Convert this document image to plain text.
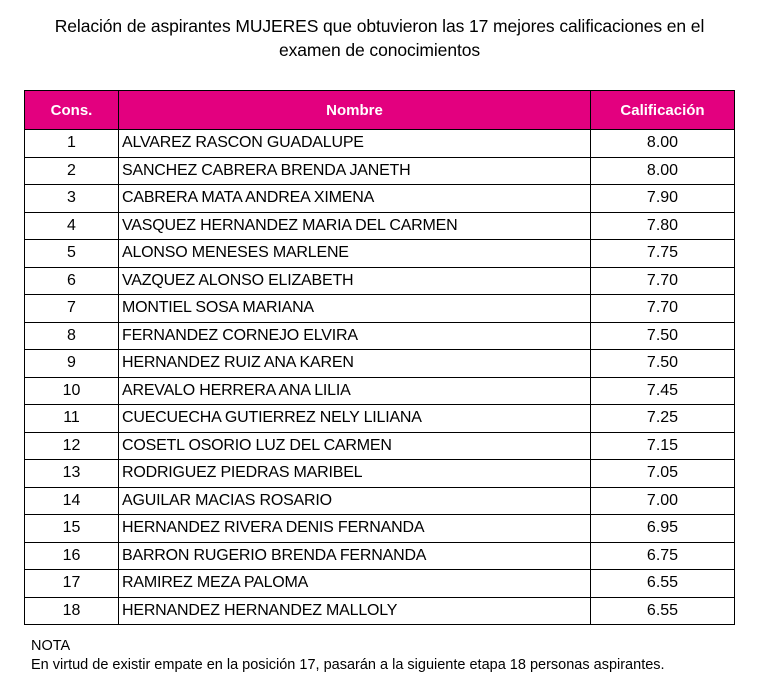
Relación de aspirantes MUJERES que obtuvieron las 17 mejores calificaciones en el
examen de conocimientos
Cons.	Nombre	Calificación
1	ALVAREZ RASCON GUADALUPE	8.00
2	SANCHEZ CABRERA BRENDA JANETH	8.00
3	CABRERA MATA ANDREA XIMENA	7.90
4	VASQUEZ HERNANDEZ MARIA DEL CARMEN	7.80
5	ALONSO MENESES MARLENE	7.75
6	VAZQUEZ ALONSO ELIZABETH	7.70
7	MONTIEL SOSA MARIANA	7.70
8	FERNANDEZ CORNEJO ELVIRA	7.50
9	HERNANDEZ RUIZ ANA KAREN	7.50
10	AREVALO HERRERA ANA LILIA	7.45
11	CUECUECHA GUTIERREZ NELY LILIANA	7.25
12	COSETL OSORIO LUZ DEL CARMEN	7.15
13	RODRIGUEZ PIEDRAS MARIBEL	7.05
14	AGUILAR MACIAS ROSARIO	7.00
15	HERNANDEZ RIVERA DENIS FERNANDA	6.95
16	BARRON RUGERIO BRENDA FERNANDA	6.75
17	RAMIREZ MEZA PALOMA	6.55
18	HERNANDEZ HERNANDEZ MALLOLY	6.55
NOTA
En virtud de existir empate en la posición 17, pasarán a la siguiente etapa 18 personas aspirantes.
